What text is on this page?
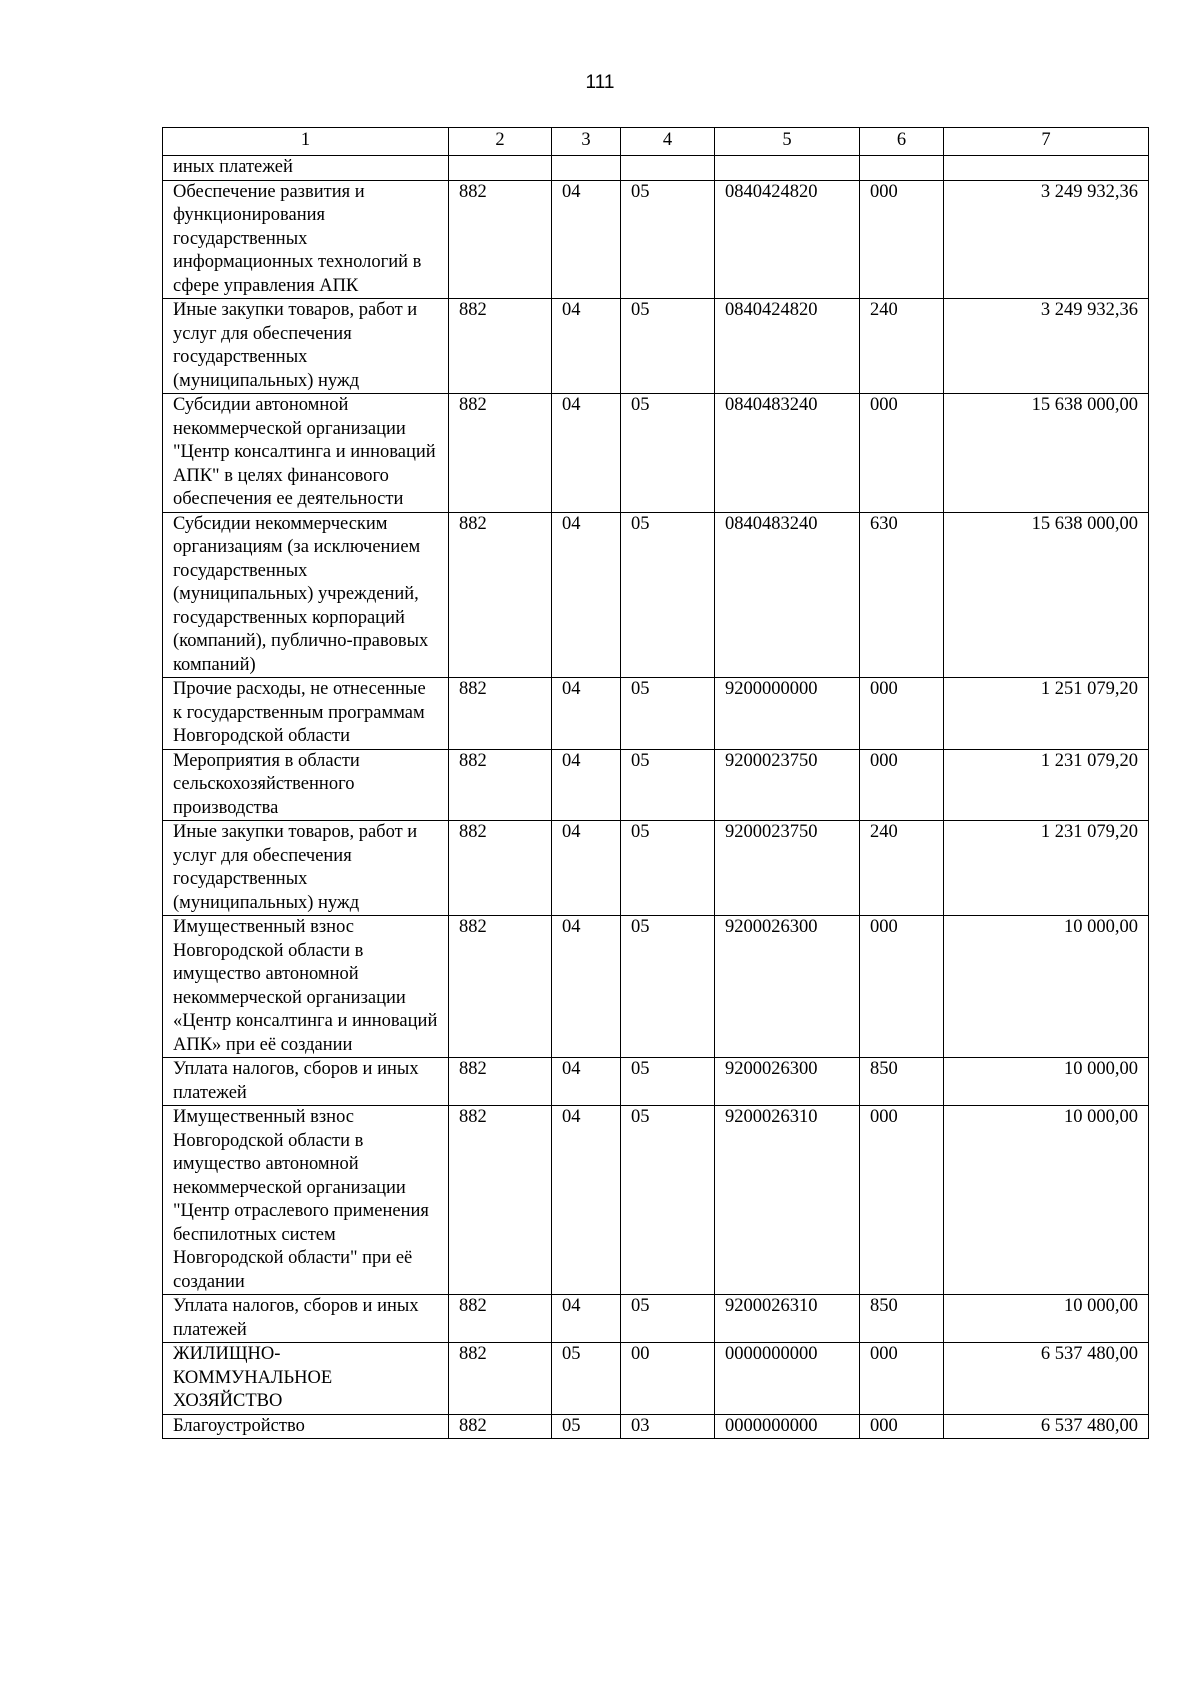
111
1	2	3	4	5	6	7
иных платежей						
Обеспечение развития и функционирования государственных информационных технологий в сфере управления АПК	882	04	05	0840424820	000	3 249 932,36
Иные закупки товаров, работ и услуг для обеспечения государственных (муниципальных) нужд	882	04	05	0840424820	240	3 249 932,36
Субсидии автономной некоммерческой организации "Центр консалтинга и инноваций АПК" в целях финансового обеспечения ее деятельности	882	04	05	0840483240	000	15 638 000,00
Субсидии некоммерческим организациям (за исключением государственных (муниципальных) учреждений, государственных корпораций (компаний), публично-правовых компаний)	882	04	05	0840483240	630	15 638 000,00
Прочие расходы, не отнесенные к государственным программам Новгородской области	882	04	05	9200000000	000	1 251 079,20
Мероприятия в области сельскохозяйственного производства	882	04	05	9200023750	000	1 231 079,20
Иные закупки товаров, работ и услуг для обеспечения государственных (муниципальных) нужд	882	04	05	9200023750	240	1 231 079,20
Имущественный взнос Новгородской области в имущество автономной некоммерческой организации «Центр консалтинга и инноваций АПК» при её создании	882	04	05	9200026300	000	10 000,00
Уплата налогов, сборов и иных платежей	882	04	05	9200026300	850	10 000,00
Имущественный взнос Новгородской области в имущество автономной некоммерческой организации "Центр отраслевого применения беспилотных систем Новгородской области" при её создании	882	04	05	9200026310	000	10 000,00
Уплата налогов, сборов и иных платежей	882	04	05	9200026310	850	10 000,00
ЖИЛИЩНО-КОММУНАЛЬНОЕ ХОЗЯЙСТВО	882	05	00	0000000000	000	6 537 480,00
Благоустройство	882	05	03	0000000000	000	6 537 480,00
